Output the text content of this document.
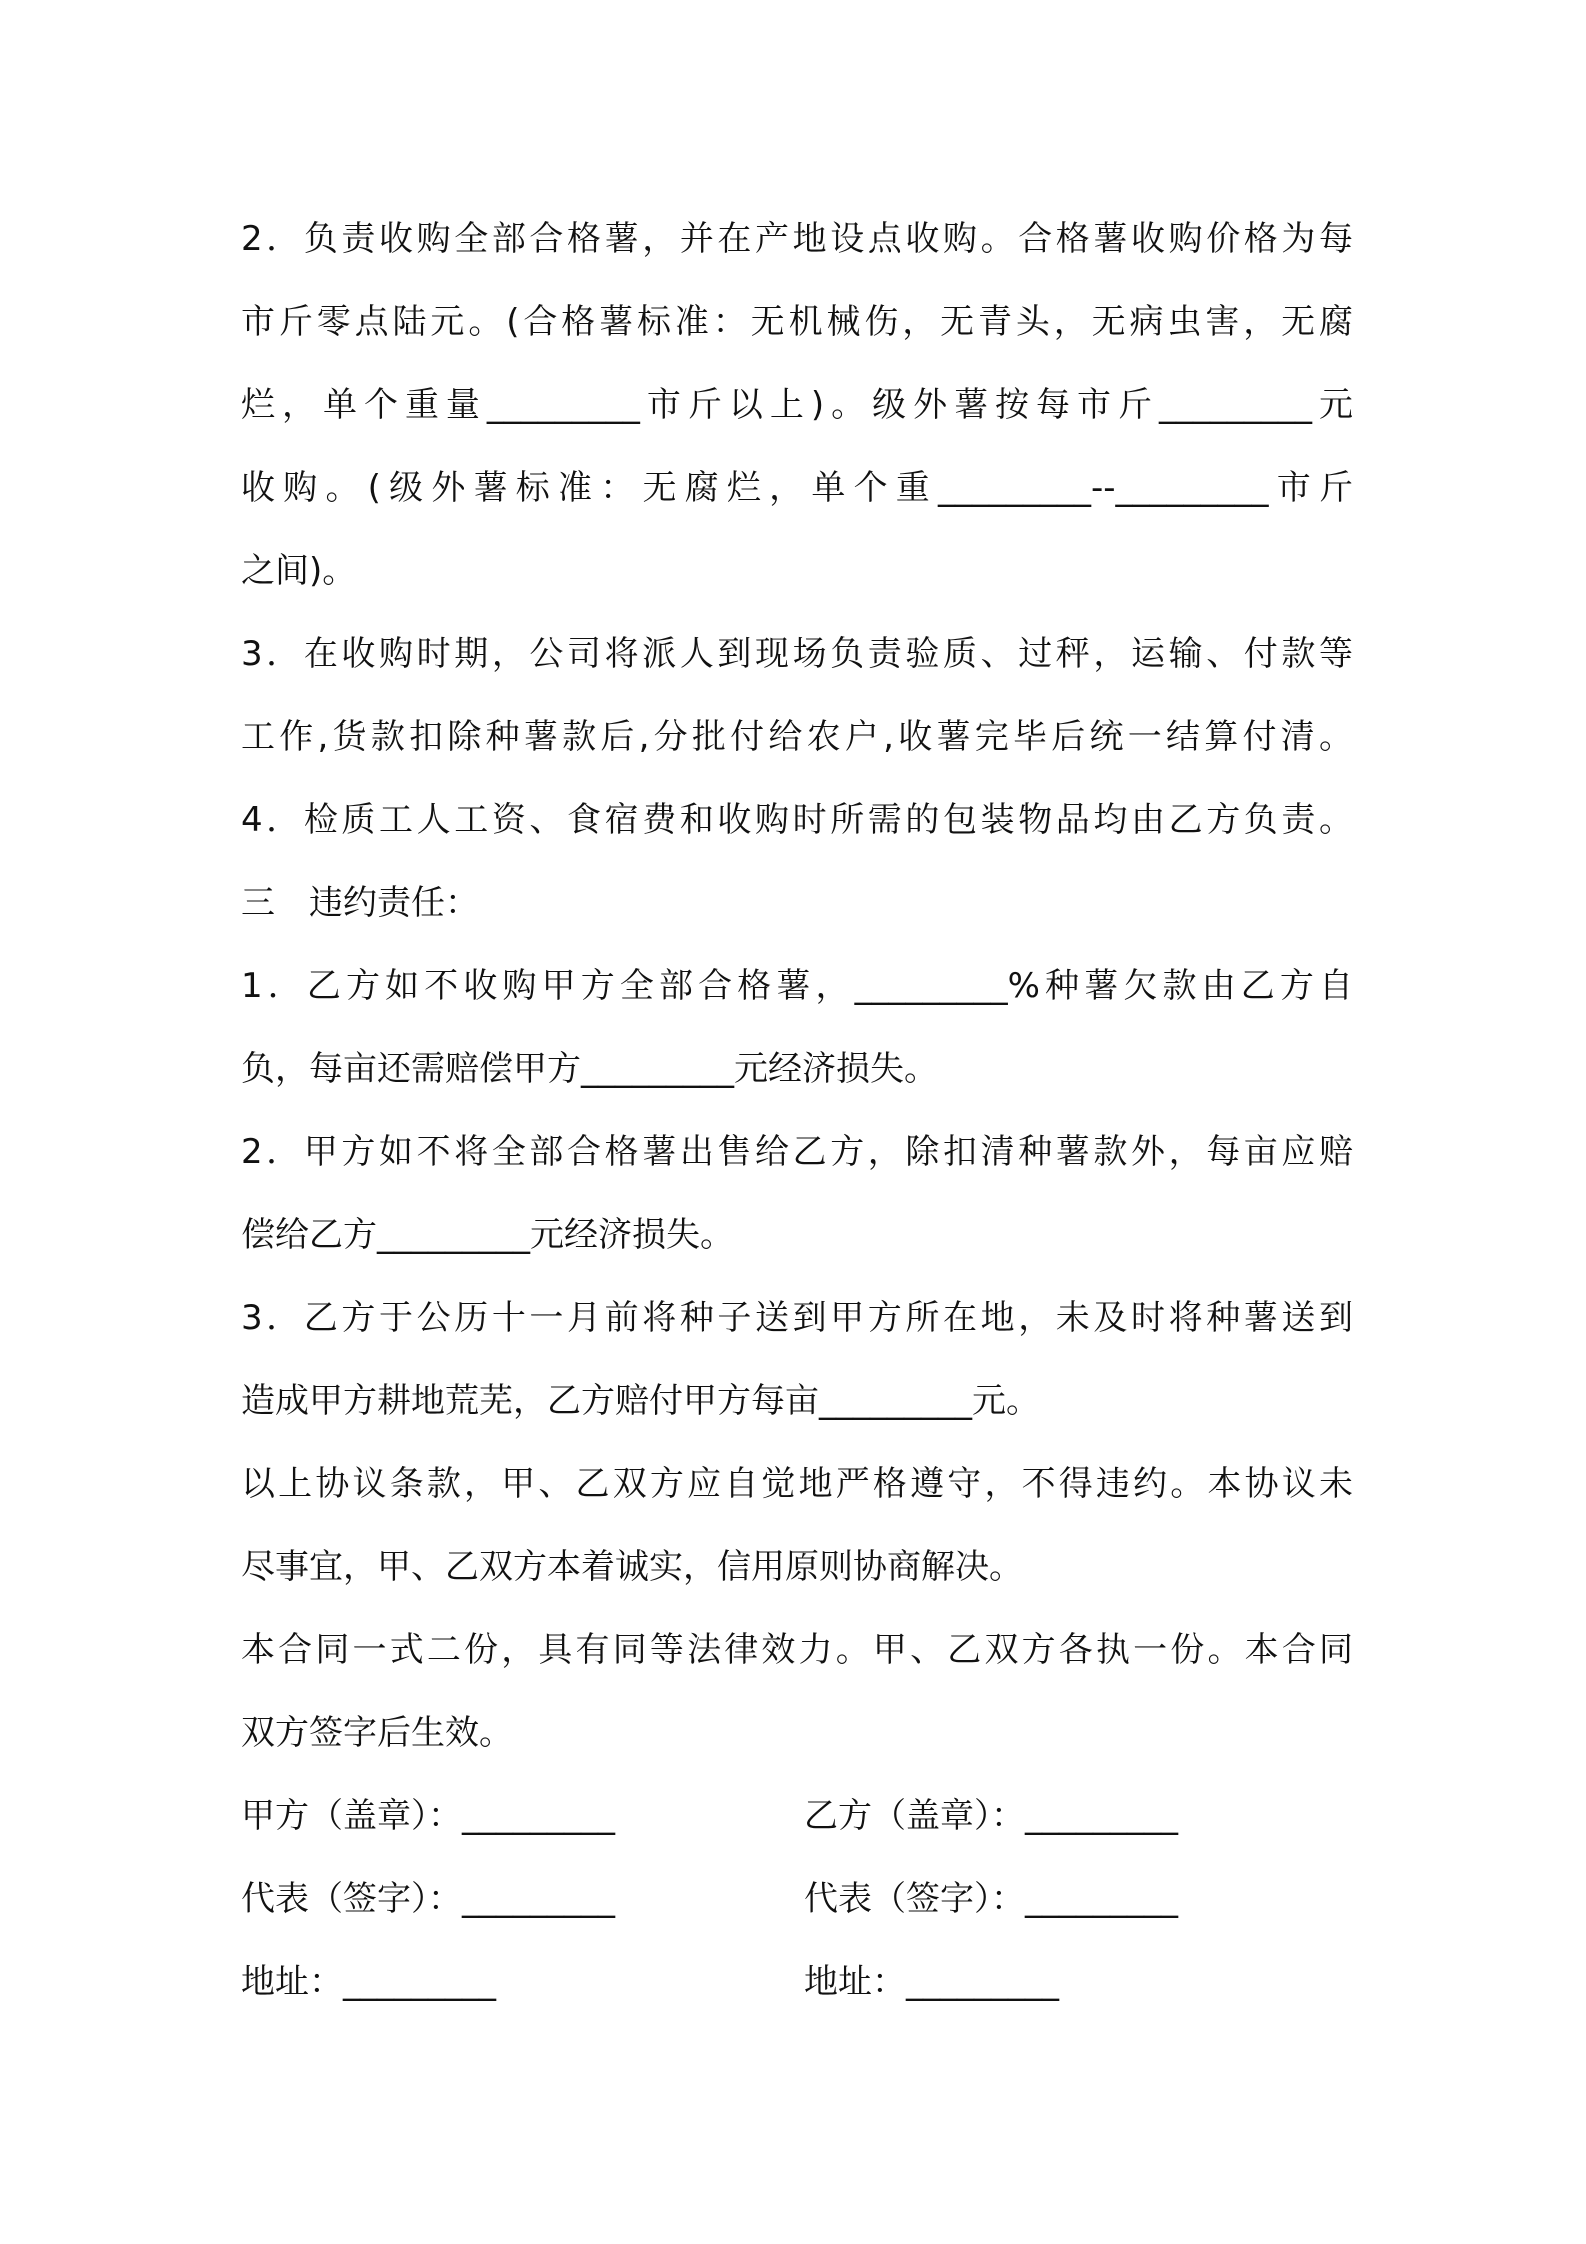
2．负责收购全部合格薯，并在产地设点收购。合格薯收购价格为每
市斤零点陆元。(合格薯标准：无机械伤，无青头，无病虫害，无腐
烂，单个重量_________市斤以上)。级外薯按每市斤_________元
收购。(级外薯标准：无腐烂，单个重_________--_________市斤
之间)。
3．在收购时期，公司将派人到现场负责验质、过秤，运输、付款等
工作,货款扣除种薯款后,分批付给农户,收薯完毕后统一结算付清。
4．检质工人工资、食宿费和收购时所需的包装物品均由乙方负责。
三　违约责任：
1．乙方如不收购甲方全部合格薯，_________%种薯欠款由乙方自
负，每亩还需赔偿甲方_________元经济损失。
2．甲方如不将全部合格薯出售给乙方，除扣清种薯款外，每亩应赔
偿给乙方_________元经济损失。
3．乙方于公历十一月前将种子送到甲方所在地，未及时将种薯送到
造成甲方耕地荒芜，乙方赔付甲方每亩_________元。
以上协议条款，甲、乙双方应自觉地严格遵守，不得违约。本协议未
尽事宜，甲、乙双方本着诚实，信用原则协商解决。
本合同一式二份，具有同等法律效力。甲、乙双方各执一份。本合同
双方签字后生效。
甲方（盖章）：_________	乙方（盖章）：_________
代表（签字）：_________	代表（签字）：_________
地址：_________	地址：_________
